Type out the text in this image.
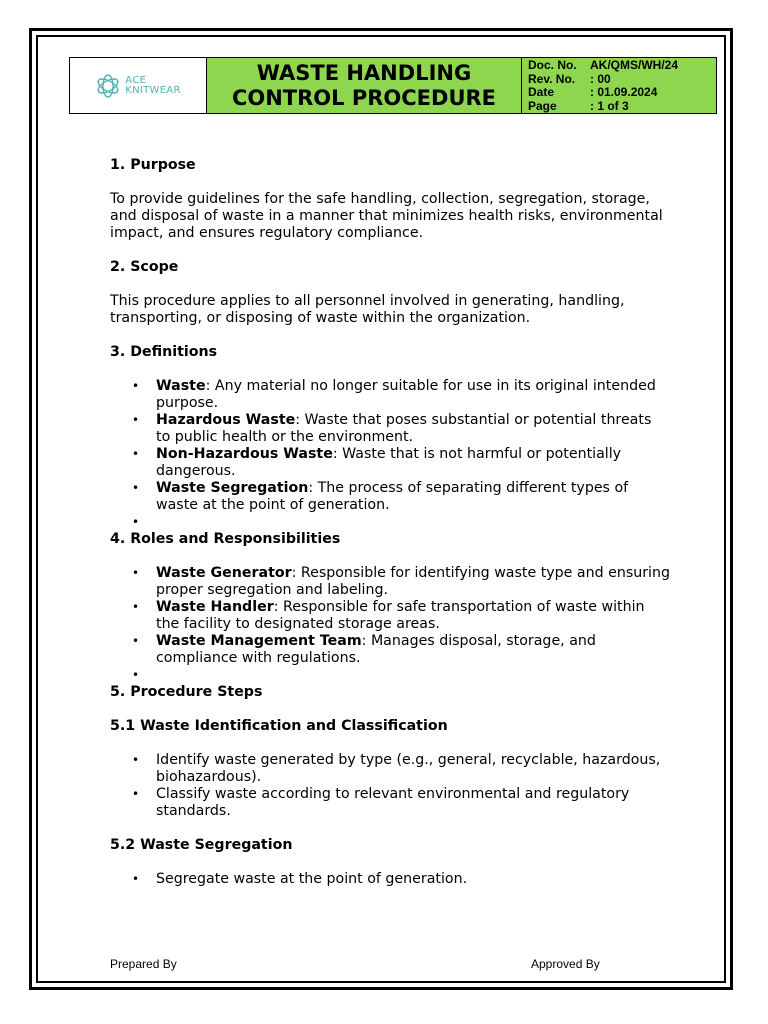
ACE
KNITWEAR
WASTE HANDLING
CONTROL PROCEDURE
Doc. No.	AK/QMS/WH/24
Rev. No.	: 00
Date	: 01.09.2024
Page	: 1 of 3
1. Purpose

To provide guidelines for the safe handling, collection, segregation, storage, and disposal of waste in a manner that minimizes health risks, environmental impact, and ensures regulatory compliance.

2. Scope

This procedure applies to all personnel involved in generating, handling, transporting, or disposing of waste within the organization.

3. Definitions
• Waste: Any material no longer suitable for use in its original intended purpose.
• Hazardous Waste: Waste that poses substantial or potential threats to public health or the environment.
• Non-Hazardous Waste: Waste that is not harmful or potentially dangerous.
• Waste Segregation: The process of separating different types of waste at the point of generation.
•
4. Roles and Responsibilities
• Waste Generator: Responsible for identifying waste type and ensuring proper segregation and labeling.
• Waste Handler: Responsible for safe transportation of waste within the facility to designated storage areas.
• Waste Management Team: Manages disposal, storage, and compliance with regulations.
•
5. Procedure Steps
5.1 Waste Identification and Classification
• Identify waste generated by type (e.g., general, recyclable, hazardous, biohazardous).
• Classify waste according to relevant environmental and regulatory standards.
5.2 Waste Segregation
• Segregate waste at the point of generation.
Prepared By	Approved By
